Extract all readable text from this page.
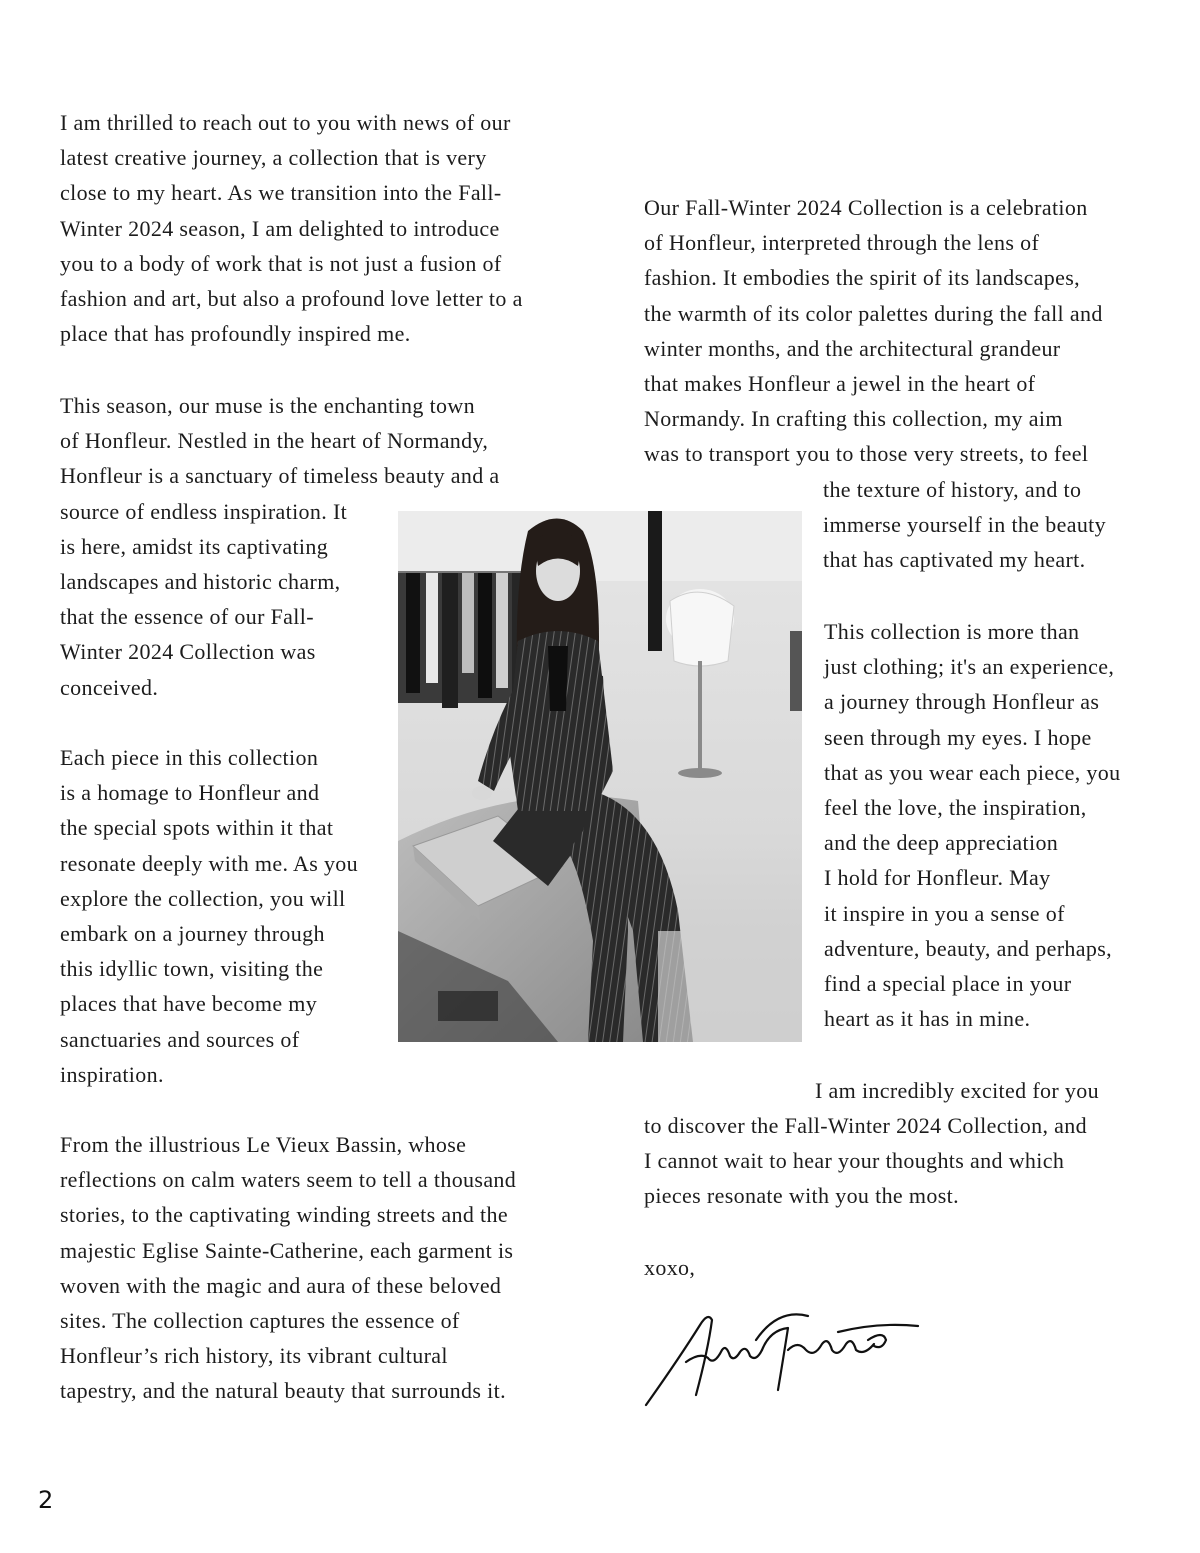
2
I am thrilled to reach out to you with news of our
latest creative journey, a collection that is very
close to my heart. As we transition into the Fall-
Winter 2024 season, I am delighted to introduce
you to a body of work that is not just a fusion of
fashion and art, but also a profound love letter to a
place that has profoundly inspired me.
This season, our muse is the enchanting town
of Honfleur. Nestled in the heart of Normandy,
Honfleur is a sanctuary of timeless beauty and a
source of endless inspiration. It
is here, amidst its captivating
landscapes and historic charm,
that the essence of our Fall-
Winter 2024 Collection was
conceived.
Each piece in this collection
is a homage to Honfleur and
the special spots within it that
resonate deeply with me. As you
explore the collection, you will
embark on a journey through
this idyllic town, visiting the
places that have become my
sanctuaries and sources of
inspiration.
From the illustrious Le Vieux Bassin, whose
reflections on calm waters seem to tell a thousand
stories, to the captivating winding streets and the
majestic Eglise Sainte-Catherine, each garment is
woven with the magic and aura of these beloved
sites. The collection captures the essence of
Honfleur’s rich history, its vibrant cultural
tapestry, and the natural beauty that surrounds it.
Our Fall-Winter 2024 Collection is a celebration
of Honfleur, interpreted through the lens of
fashion. It embodies the spirit of its landscapes,
the warmth of its color palettes during the fall and
winter months, and the architectural grandeur
that makes Honfleur a jewel in the heart of
Normandy. In crafting this collection, my aim
was to transport you to those very streets, to feel
the texture of history, and to
immerse yourself in the beauty
that has captivated my heart.
This collection is more than
just clothing; it's an experience,
a journey through Honfleur as
seen through my eyes. I hope
that as you wear each piece, you
feel the love, the inspiration,
and the deep appreciation
I hold for Honfleur. May
it inspire in you a sense of
adventure, beauty, and perhaps,
find a special place in your
heart as it has in mine.
I am incredibly excited for you
to discover the Fall-Winter 2024 Collection, and
I cannot wait to hear your thoughts and which
pieces resonate with you the most.
xoxo,
